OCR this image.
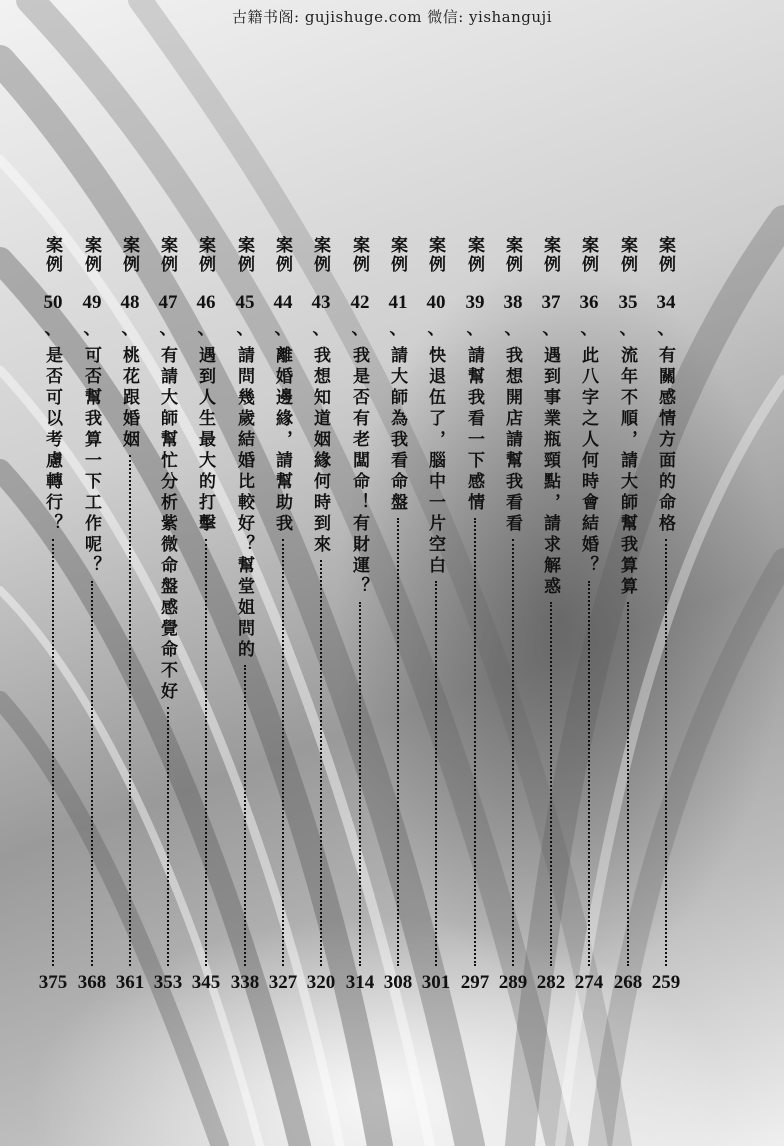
古籍书阁: gujishuge.com 微信: yishanguji
案例
34
、
有關感情方面的命格
259
案例
35
、
流年不順，請大師幫我算算
268
案例
36
、
此八字之人何時會結婚？
274
案例
37
、
遇到事業瓶頸點，請求解惑
282
案例
38
、
我想開店請幫我看看
289
案例
39
、
請幫我看一下感情
297
案例
40
、
快退伍了，腦中一片空白
301
案例
41
、
請大師為我看命盤
308
案例
42
、
我是否有老闆命！有財運？
314
案例
43
、
我想知道姻緣何時到來
320
案例
44
、
離婚邊緣，請幫助我
327
案例
45
、
請問幾歲結婚比較好？幫堂姐問的
338
案例
46
、
遇到人生最大的打擊
345
案例
47
、
有請大師幫忙分析紫微命盤感覺命不好
353
案例
48
、
桃花跟婚姻
361
案例
49
、
可否幫我算一下工作呢？
368
案例
50
、
是否可以考慮轉行？
375
